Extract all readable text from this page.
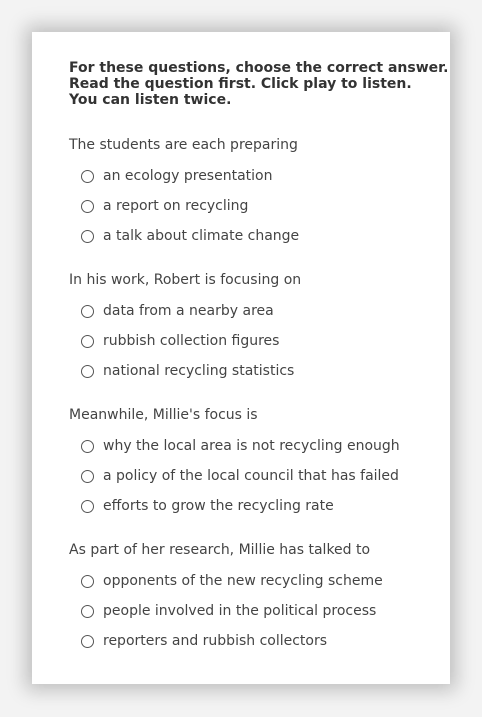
For these questions, choose the correct answer.
Read the question first. Click play to listen.
You can listen twice.
The students are each preparing
an ecology presentation
a report on recycling
a talk about climate change
In his work, Robert is focusing on
data from a nearby area
rubbish collection figures
national recycling statistics
Meanwhile, Millie's focus is
why the local area is not recycling enough
a policy of the local council that has failed
efforts to grow the recycling rate
As part of her research, Millie has talked to
opponents of the new recycling scheme
people involved in the political process
reporters and rubbish collectors
